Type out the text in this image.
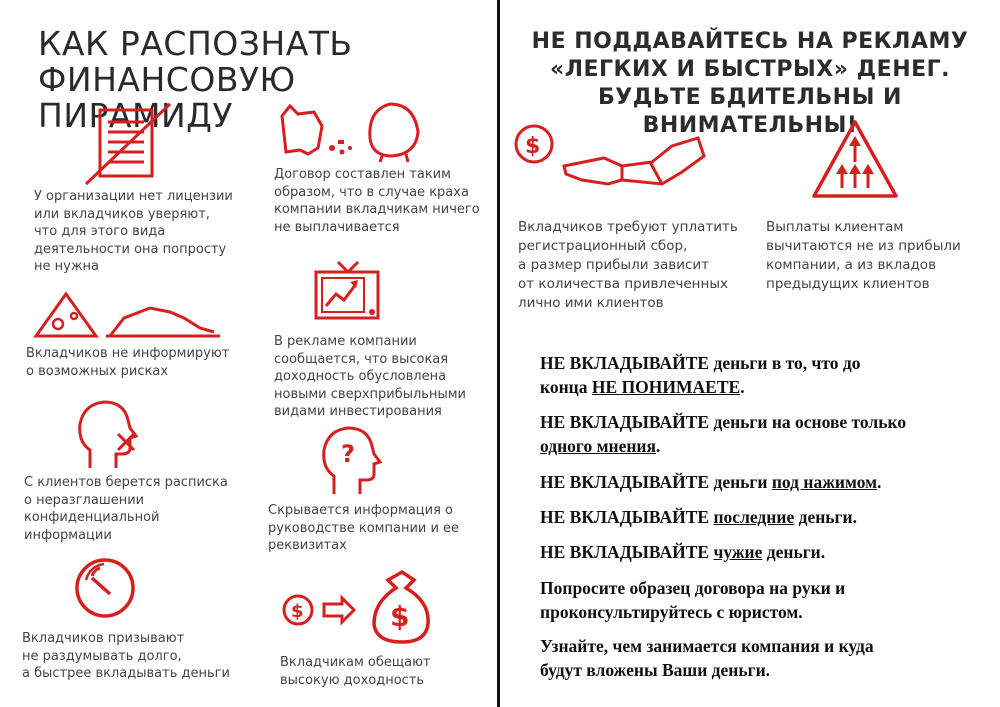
КАК РАСПОЗНАТЬ
ФИНАНСОВУЮ ПИРАМИДУ
У организации нет лицензии
или вкладчиков уверяют,
что для этого вида
деятельности она попросту
не нужна
Договор составлен таким
образом, что в случае краха
компании вкладчикам ничего
не выплачивается
Вкладчиков не информируют
о возможных рисках
В рекламе компании
сообщается, что высокая
доходность обусловлена
новыми сверхприбыльными
видами инвестирования
С клиентов берется расписка
о неразглашении
конфиденциальной
информации
?
Скрывается информация о
руководстве компании и ее
реквизитах
Вкладчиков призывают
не раздумывать долго,
а быстрее вкладывать деньги
$	$
Вкладчикам обещают
высокую доходность
НЕ ПОДДАВАЙТЕСЬ НА РЕКЛАМУ
«ЛЕГКИХ И БЫСТРЫХ» ДЕНЕГ.
БУДЬТЕ БДИТЕЛЬНЫ И ВНИМАТЕЛЬНЫ!
$
Вкладчиков требуют уплатить
регистрационный сбор,
а размер прибыли зависит
от количества привлеченных
лично ими клиентов
Выплаты клиентам
вычитаются не из прибыли
компании, а из вкладов
предыдущих клиентов
НЕ ВКЛАДЫВАЙТЕ деньги в то, что до
конца НЕ ПОНИМАЕТЕ.
НЕ ВКЛАДЫВАЙТЕ деньги на основе только
одного мнения.
НЕ ВКЛАДЫВАЙТЕ деньги под нажимом.
НЕ ВКЛАДЫВАЙТЕ последние деньги.
НЕ ВКЛАДЫВАЙТЕ чужие деньги.
Попросите образец договора на руки и
проконсультируйтесь с юристом.
Узнайте, чем занимается компания и куда
будут вложены Ваши деньги.
